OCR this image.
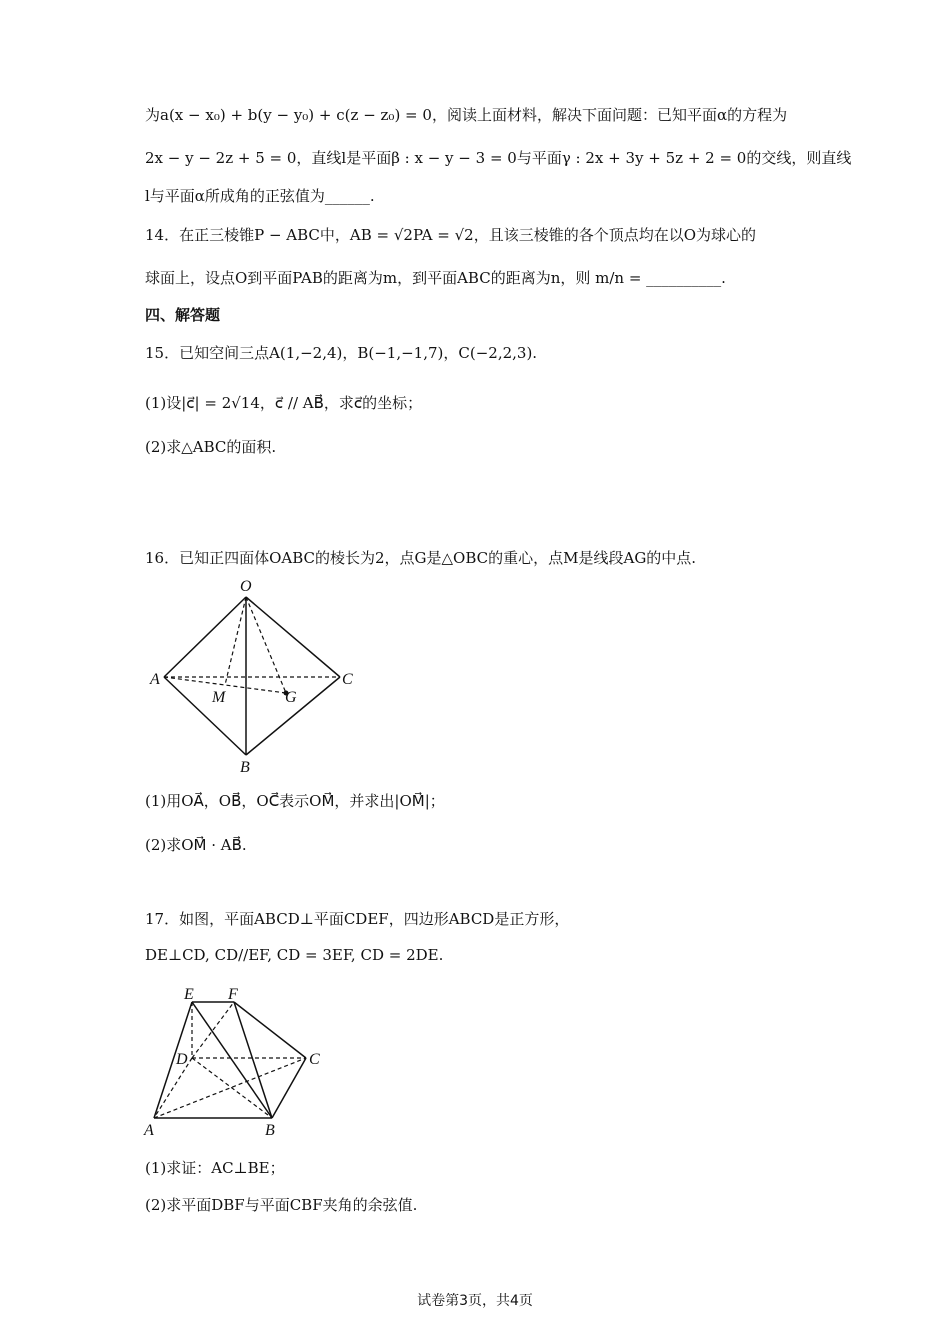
为a(x − x₀) + b(y − y₀) + c(z − z₀) = 0，阅读上面材料，解决下面问题：已知平面α的方程为
2x − y − 2z + 5 = 0，直线l是平面β : x − y − 3 = 0与平面γ : 2x + 3y + 5z + 2 = 0的交线，则直线
l与平面α所成角的正弦值为______.
14．在正三棱锥P − ABC中，AB = √2PA = √2，且该三棱锥的各个顶点均在以O为球心的
球面上，设点O到平面PAB的距离为m，到平面ABC的距离为n，则 m/n = __________.
四、解答题
15．已知空间三点A(1,−2,4)，B(−1,−1,7)，C(−2,2,3).
(1)设|c⃗| = 2√14，c⃗ // AB⃗，求c⃗的坐标；
(2)求△ABC的面积.
16．已知正四面体OABC的棱长为2，点G是△OBC的重心，点M是线段AG的中点.
O
A
B
C
M	G
(1)用OA⃗，OB⃗，OC⃗表示OM⃗，并求出|OM⃗|；
(2)求OM⃗ · AB⃗.
17．如图，平面ABCD⊥平面CDEF，四边形ABCD是正方形，
DE⊥CD, CD//EF, CD = 3EF, CD = 2DE.
E F
D	C
A	B
(1)求证：AC⊥BE；
(2)求平面DBF与平面CBF夹角的余弦值.
试卷第3页，共4页
